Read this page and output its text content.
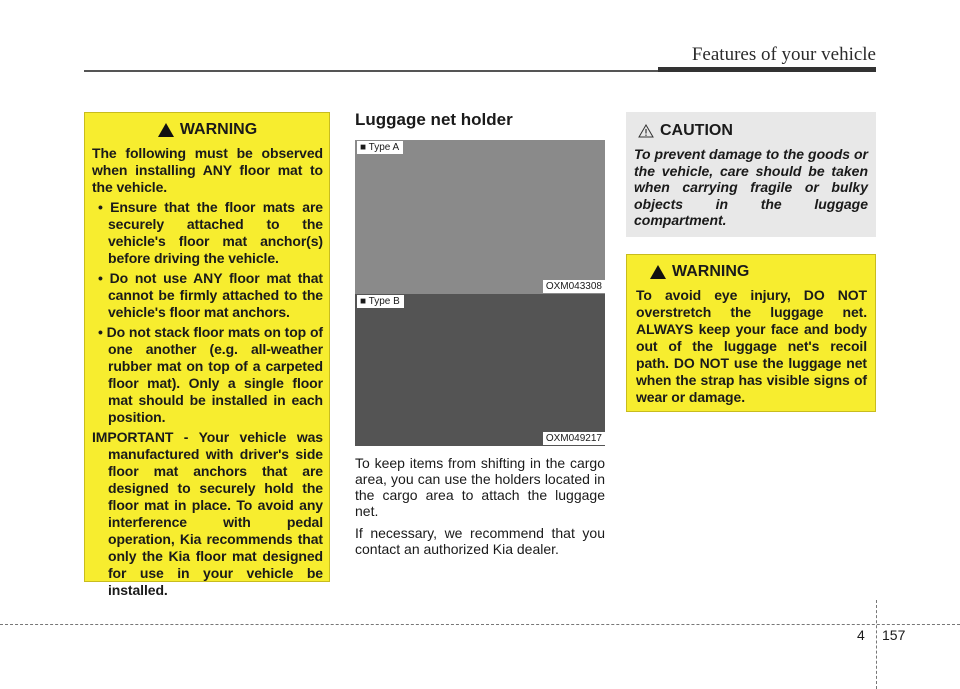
Features of your vehicle
WARNING

The following must be observed when installing ANY floor mat to the vehicle.

• Ensure that the floor mats are securely attached to the vehicle's floor mat anchor(s) before driving the vehicle.

• Do not use ANY floor mat that cannot be firmly attached to the vehicle's floor mat anchors.

• Do not stack floor mats on top of one another (e.g. all-weather rubber mat on top of a carpeted floor mat). Only a single floor mat should be installed in each position.

IMPORTANT - Your vehicle was manufactured with driver's side floor mat anchors that are designed to securely hold the floor mat in place. To avoid any interference with pedal operation, Kia recommends that only the Kia floor mat designed for use in your vehicle be installed.

Luggage net holder
■ Type A
OXM043308
■ Type B
OXM049217

To keep items from shifting in the cargo area, you can use the holders located in the cargo area to attach the luggage net.

If necessary, we recommend that you contact an authorized Kia dealer.

CAUTION
To prevent damage to the goods or the vehicle, care should be taken when carrying fragile or bulky objects in the luggage compartment.
WARNING
To avoid eye injury, DO NOT overstretch the luggage net. ALWAYS keep your face and body out of the luggage net's recoil path. DO NOT use the luggage net when the strap has visible signs of wear or damage.
4 157
